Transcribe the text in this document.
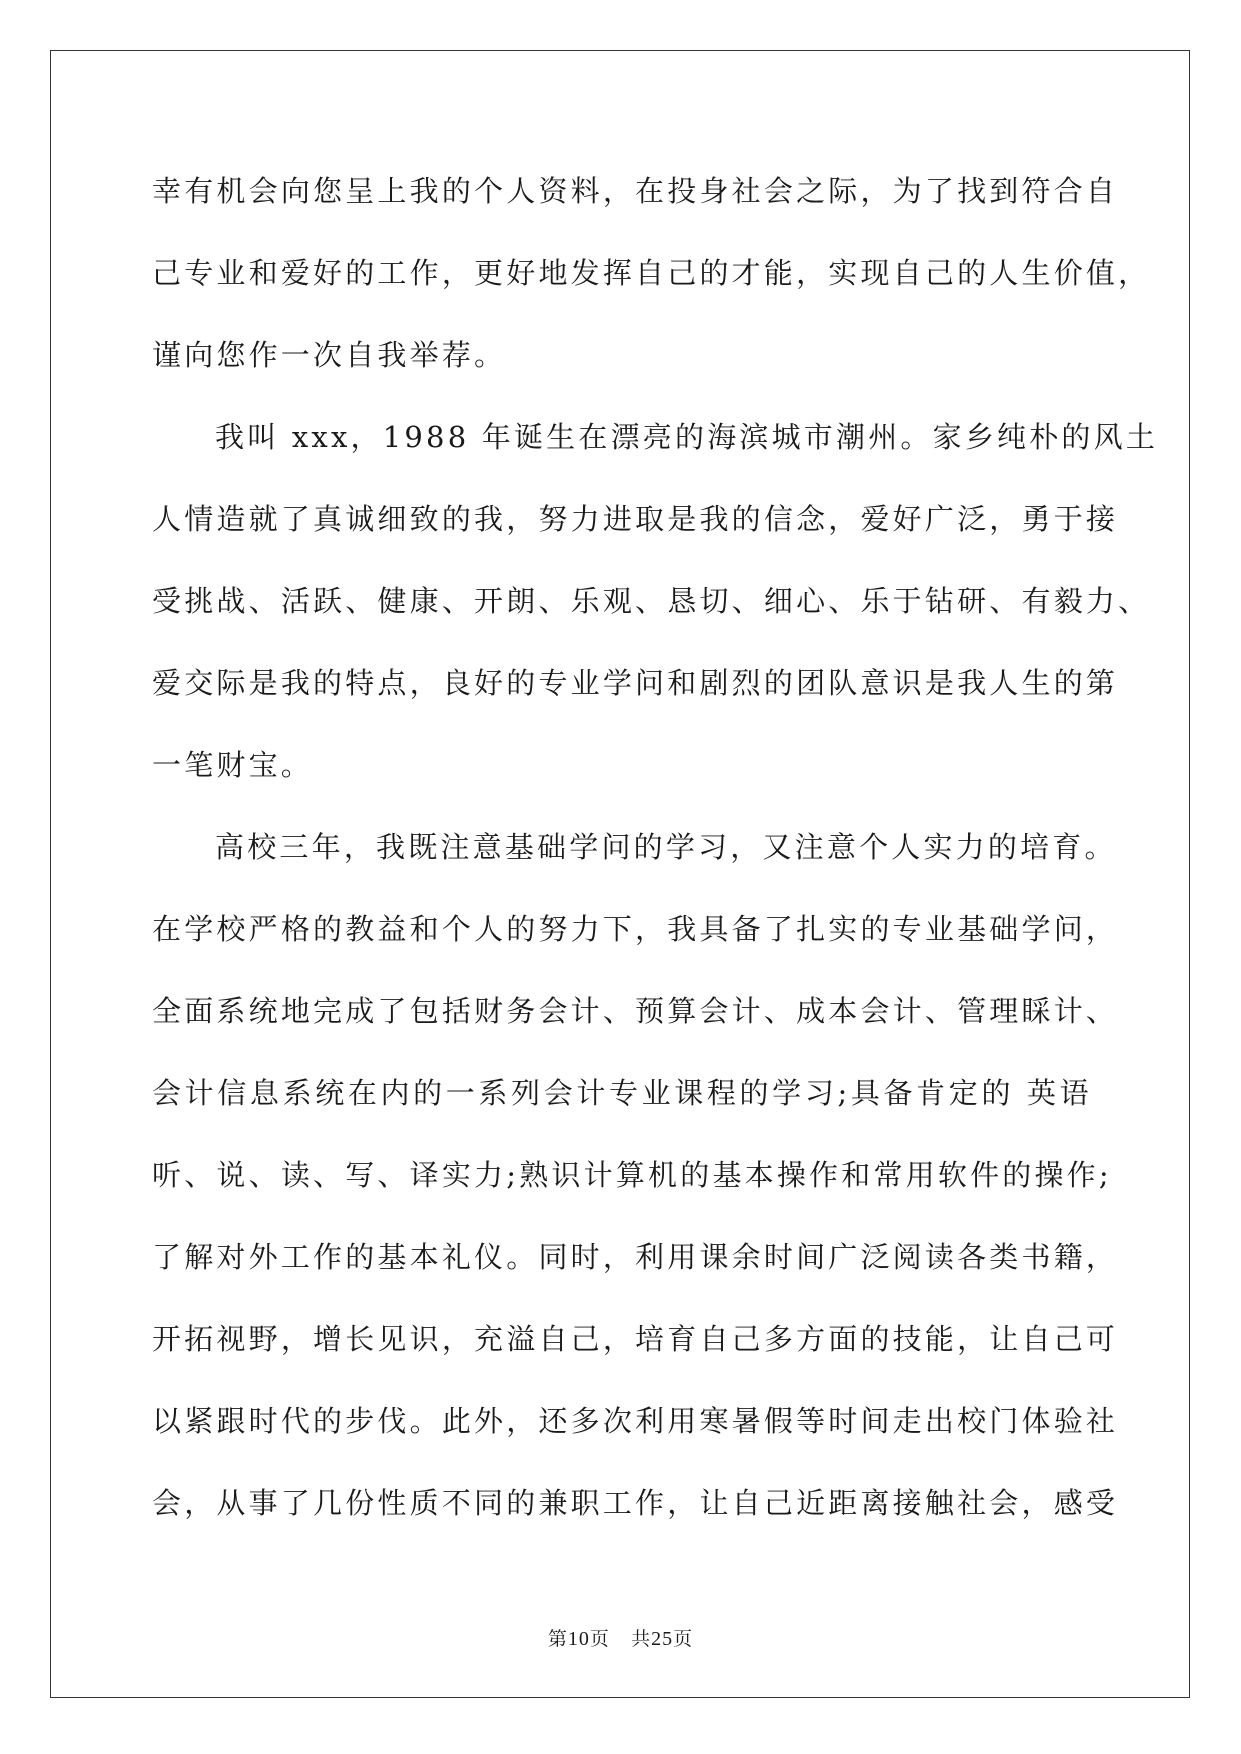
幸 有 机 会 向 您 呈 上 我 的 个 人 资 料 ， 在 投 身 社 会 之 际 ， 为 了 找 到 符 合 自
己 专 业 和 爱 好 的 工 作 ， 更 好 地 发 挥 自 己 的 才 能 ， 实 现 自 己 的 人 生 价 值 ，
谨向您作一次自我举荐。
我 叫
x x x ， 1 9 8 8
年 诞 生 在 漂 亮 的 海 滨 城 市 潮 州 。 家 乡 纯 朴 的 风 土
人 情 造 就 了 真 诚 细 致 的 我 ， 努 力 进 取 是 我 的 信 念 ， 爱 好 广 泛 ， 勇 于 接
受 挑 战 、 活 跃 、 健 康 、 开 朗 、 乐 观 、 恳 切 、 细 心 、 乐 于 钻 研 、 有 毅 力 、
爱 交 际 是 我 的 特 点 ， 良 好 的 专 业 学 问 和 剧 烈 的 团 队 意 识 是 我 人 生 的 第
一笔财宝。
高 校 三 年 ， 我 既 注 意 基 础 学 问 的 学 习 ， 又 注 意 个 人 实 力 的 培 育 。
在 学 校 严 格 的 教 益 和 个 人 的 努 力 下 ， 我 具 备 了 扎 实 的 专 业 基 础 学 问 ，
全 面 系 统 地 完 成 了 包 括 财 务 会 计 、 预 算 会 计 、 成 本 会 计 、 管 理 睬 计 、
会 计 信 息 系 统 在 内 的 一 系 列 会 计 专 业 课 程 的 学 习 ; 具 备 肯 定 的
英 语
听 、 说 、 读 、 写 、 译 实 力 ; 熟 识 计 算 机 的 基 本 操 作 和 常 用 软 件 的 操 作 ;
了 解 对 外 工 作 的 基 本 礼 仪 。 同 时 ， 利 用 课 余 时 间 广 泛 阅 读 各 类 书 籍 ，
开 拓 视 野 ， 增 长 见 识 ， 充 溢 自 己 ， 培 育 自 己 多 方 面 的 技 能 ， 让 自 己 可
以 紧 跟 时 代 的 步 伐 。 此 外 ， 还 多 次 利 用 寒 暑 假 等 时 间 走 出 校 门 体 验 社
会 ， 从 事 了 几 份 性 质 不 同 的 兼 职 工 作 ， 让 自 己 近 距 离 接 触 社 会 ， 感 受
第10页 共25页
